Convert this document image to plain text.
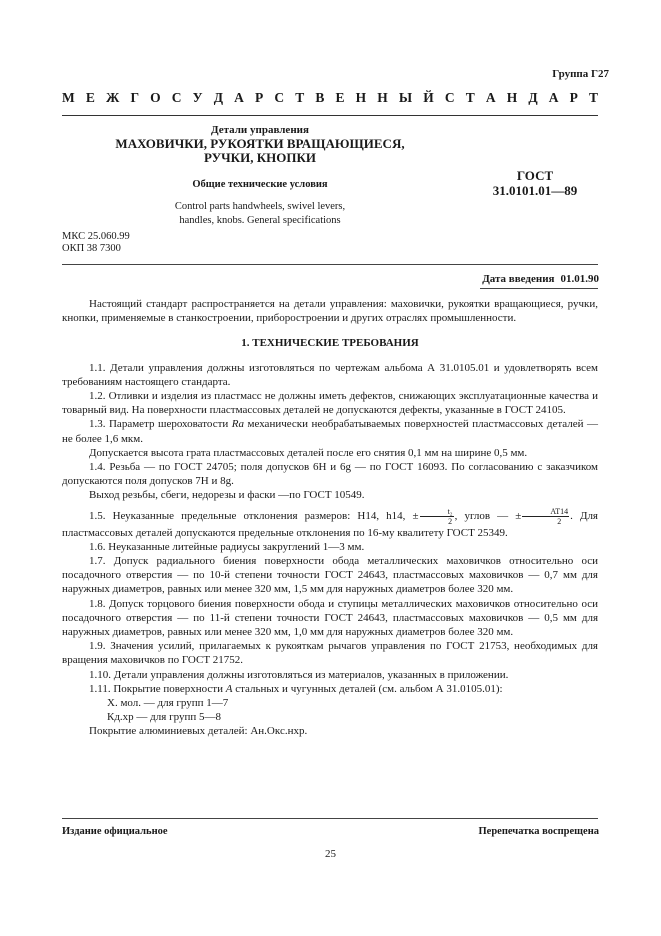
Группа Г27
М Е Ж Г О С У Д А Р С Т В Е Н Н Ы Й С Т А Н Д А Р Т
Детали управления
МАХОВИЧКИ, РУКОЯТКИ ВРАЩАЮЩИЕСЯ,
РУЧКИ, КНОПКИ
Общие технические условия
Control parts handwheels, swivel levers,
handles, knobs. General specifications
ГОСТ
31.0101.01—89
МКС 25.060.99
ОКП 38 7300
Дата введения 01.01.90

Настоящий стандарт распространяется на детали управления: маховички, рукоятки вращающиеся, ручки, кнопки, применяемые в станкостроении, приборостроении и других отраслях промышленности.

1. ТЕХНИЧЕСКИЕ ТРЕБОВАНИЯ

1.1. Детали управления должны изготовляться по чертежам альбома А 31.0105.01 и удовлетворять всем требованиям настоящего стандарта.

1.2. Отливки и изделия из пластмасс не должны иметь дефектов, снижающих эксплуатационные качества и товарный вид. На поверхности пластмассовых деталей не допускаются дефекты, указанные в ГОСТ 24105.

1.3. Параметр шероховатости Ra механически необрабатываемых поверхностей пластмассовых деталей — не более 1,6 мкм.

Допускается высота грата пластмассовых деталей после его снятия 0,1 мм на ширине 0,5 мм.

1.4. Резьба — по ГОСТ 24705; поля допусков 6H и 6g — по ГОСТ 16093. По согласованию с заказчиком допускаются поля допусков 7H и 8g.

Выход резьбы, сбеги, недорезы и фаски —по ГОСТ 10549.

1.5. Неуказанные предельные отклонения размеров: H14, h14, ± $\frac{\text{t₂}}{2}$ , углов — ± $\frac{AT14}{2}$ . Для пластмассовых деталей допускаются предельные отклонения по 16-му квалитету ГОСТ 25349.

1.6. Неуказанные литейные радиусы закруглений 1—3 мм.

1.7. Допуск радиального биения поверхности обода металлических маховичков относительно оси посадочного отверстия — по 10-й степени точности ГОСТ 24643, пластмассовых маховичков — 0,7 мм для наружных диаметров, равных или менее 320 мм, 1,5 мм для наружных диаметров более 320 мм.

1.8. Допуск торцового биения поверхности обода и ступицы металлических маховичков относительно оси посадочного отверстия — по 11-й степени точности ГОСТ 24643, пластмассовых маховичков — 0,5 мм для наружных диаметров, равных или менее 320 мм, 1,0 мм для наружных диаметров более 320 мм.

1.9. Значения усилий, прилагаемых к рукояткам рычагов управления по ГОСТ 21753, необходимых для вращения маховичков по ГОСТ 21752.

1.10. Детали управления должны изготовляться из материалов, указанных в приложении.

1.11. Покрытие поверхности А стальных и чугунных деталей (см. альбом А 31.0105.01):

Х. мол. — для групп 1—7

Кд.хр — для групп 5—8

Покрытие алюминиевых деталей: Ан.Окс.нхр.

Издание официальное	Перепечатка воспрещена
25
